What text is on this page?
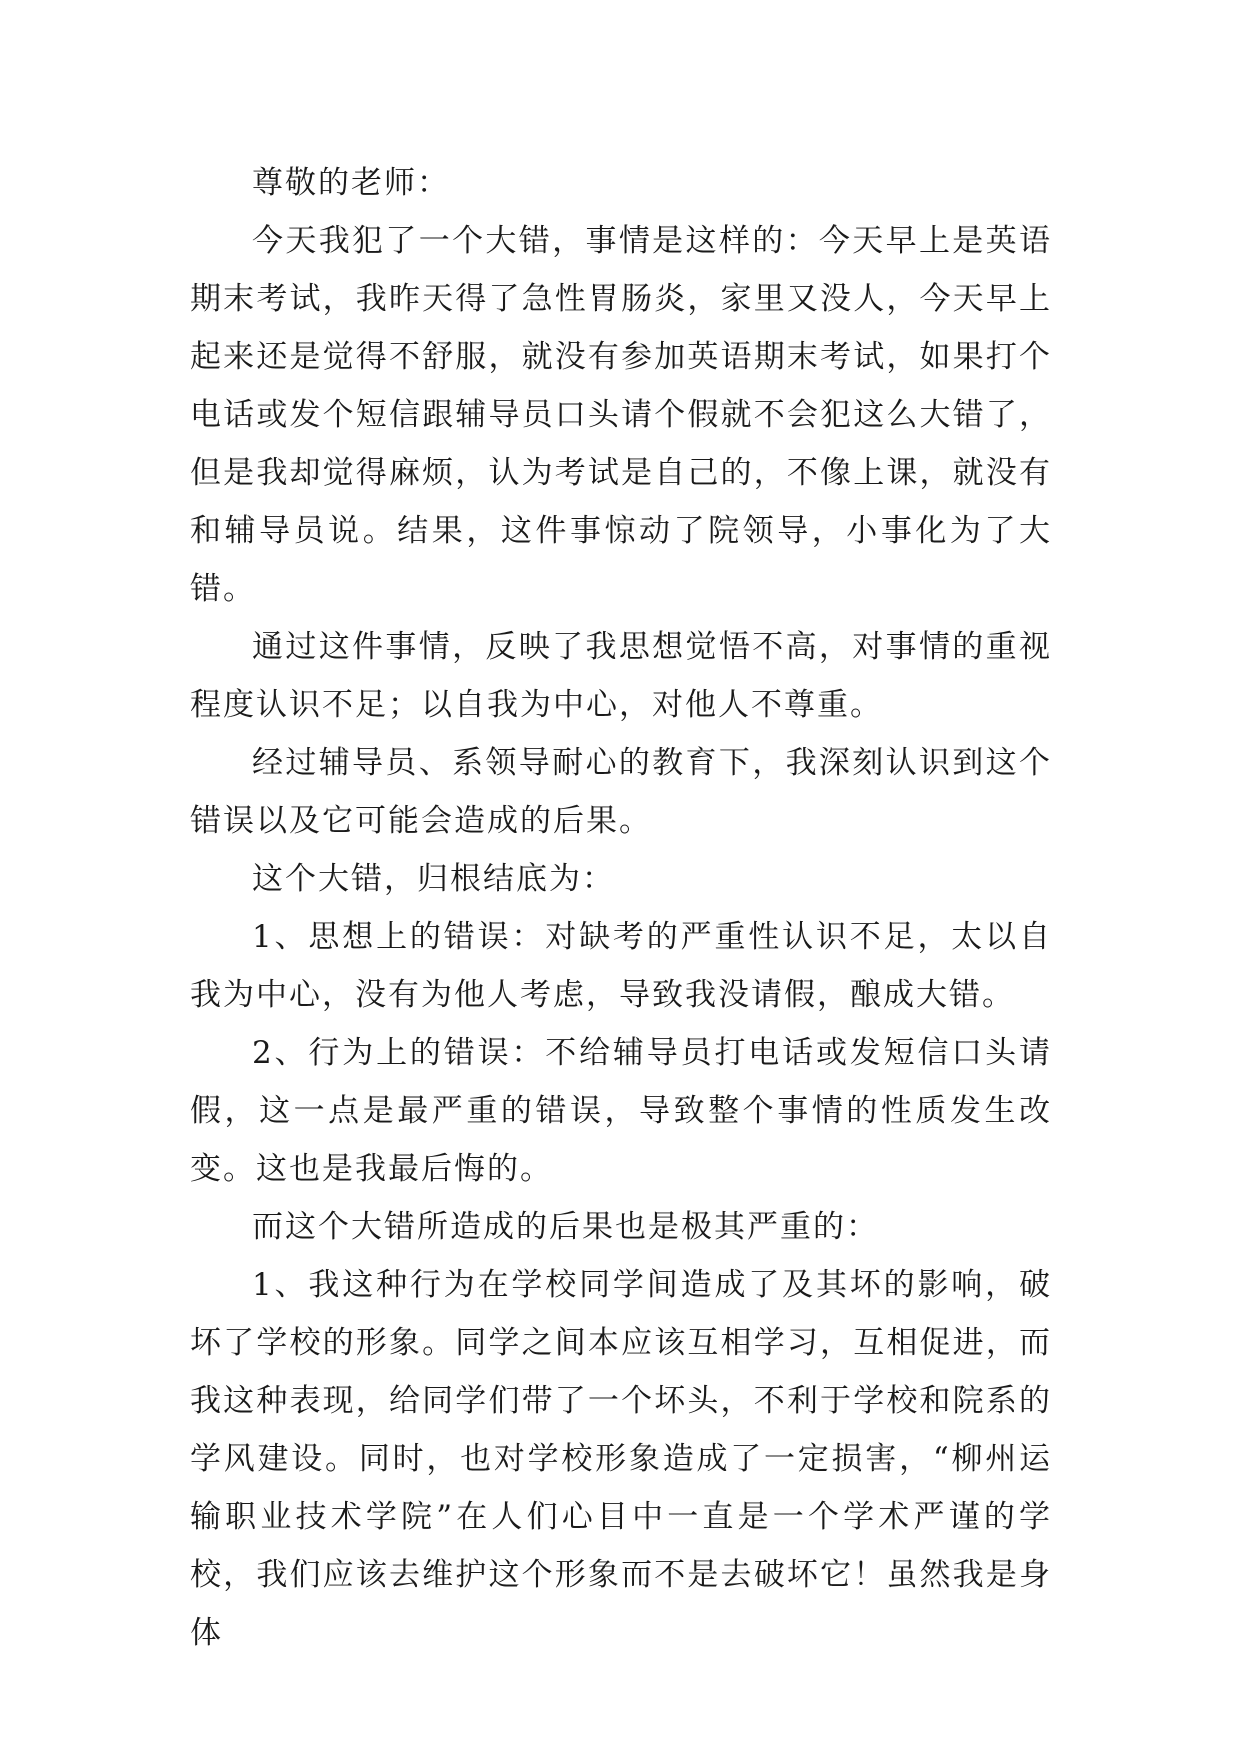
尊敬的老师：

今天我犯了一个大错，事情是这样的：今天早上是英语期末考试，我昨天得了急性胃肠炎，家里又没人，今天早上起来还是觉得不舒服，就没有参加英语期末考试，如果打个电话或发个短信跟辅导员口头请个假就不会犯这么大错了，但是我却觉得麻烦，认为考试是自己的，不像上课，就没有和辅导员说。结果，这件事惊动了院领导，小事化为了大错。

通过这件事情，反映了我思想觉悟不高，对事情的重视程度认识不足；以自我为中心，对他人不尊重。

经过辅导员、系领导耐心的教育下，我深刻认识到这个错误以及它可能会造成的后果。

这个大错，归根结底为：

1、思想上的错误：对缺考的严重性认识不足，太以自我为中心，没有为他人考虑，导致我没请假，酿成大错。

2、行为上的错误：不给辅导员打电话或发短信口头请假，这一点是最严重的错误，导致整个事情的性质发生改变。这也是我最后悔的。

而这个大错所造成的后果也是极其严重的：

1、我这种行为在学校同学间造成了及其坏的影响，破坏了学校的形象。同学之间本应该互相学习，互相促进，而我这种表现，给同学们带了一个坏头，不利于学校和院系的学风建设。同时，也对学校形象造成了一定损害，“柳州运输职业技术学院”在人们心目中一直是一个学术严谨的学校，我们应该去维护这个形象而不是去破坏它！虽然我是身体
